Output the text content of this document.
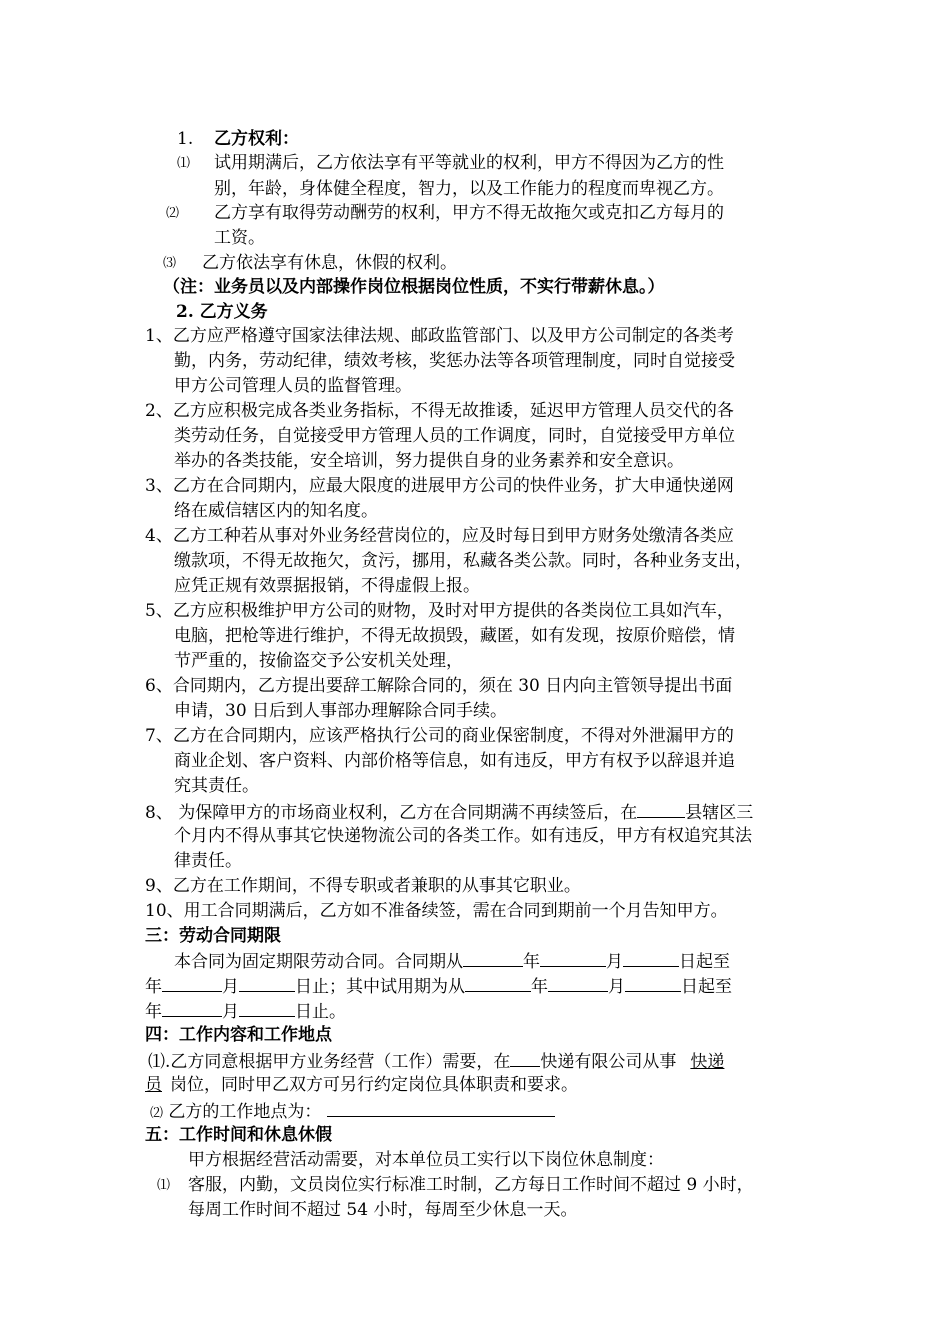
1. 乙方权利：
⑴ 试用期满后，乙方依法享有平等就业的权利，甲方不得因为乙方的性
别，年龄，身体健全程度，智力，以及工作能力的程度而卑视乙方。
⑵ 乙方享有取得劳动酬劳的权利，甲方不得无故拖欠或克扣乙方每月的
工资。
⑶ 乙方依法享有休息，休假的权利。
（注：业务员以及内部操作岗位根据岗位性质，不实行带薪休息。）
2. 乙方义务
1、乙方应严格遵守国家法律法规、邮政监管部门、以及甲方公司制定的各类考
勤，内务，劳动纪律，绩效考核，奖惩办法等各项管理制度，同时自觉接受
甲方公司管理人员的监督管理。
2、乙方应积极完成各类业务指标，不得无故推诿，延迟甲方管理人员交代的各
类劳动任务，自觉接受甲方管理人员的工作调度，同时，自觉接受甲方单位
举办的各类技能，安全培训，努力提供自身的业务素养和安全意识。
3、乙方在合同期内，应最大限度的进展甲方公司的快件业务，扩大申通快递网
络在威信辖区内的知名度。
4、乙方工种若从事对外业务经营岗位的，应及时每日到甲方财务处缴清各类应
缴款项，不得无故拖欠，贪污，挪用，私藏各类公款。同时，各种业务支出，
应凭正规有效票据报销，不得虚假上报。
5、乙方应积极维护甲方公司的财物，及时对甲方提供的各类岗位工具如汽车，
电脑，把枪等进行维护，不得无故损毁，藏匿，如有发现，按原价赔偿，情
节严重的，按偷盗交予公安机关处理，
6、合同期内，乙方提出要辞工解除合同的，须在 30 日内向主管领导提出书面
申请，30 日后到人事部办理解除合同手续。
7、乙方在合同期内，应该严格执行公司的商业保密制度，不得对外泄漏甲方的
商业企划、客户资料、内部价格等信息，如有违反，甲方有权予以辞退并追
究其责任。
8、 为保障甲方的市场商业权利，乙方在合同期满不再续签后，在	县辖区三
个月内不得从事其它快递物流公司的各类工作。如有违反，甲方有权追究其法
律责任。
9、乙方在工作期间，不得专职或者兼职的从事其它职业。
10、用工合同期满后，乙方如不准备续签，需在合同到期前一个月告知甲方。
三：劳动合同期限
本合同为固定期限劳动合同。合同期从	年	月	日起至
年	月	日止；其中试用期为从	年	月	日起至
年	月	日止。
四：工作内容和工作地点
⑴.乙方同意根据甲方业务经营（工作）需要，在 快递有限公司从事 快递
员 岗位，同时甲乙双方可另行约定岗位具体职责和要求。
⑵ 乙方的工作地点为：
五：工作时间和休息休假
甲方根据经营活动需要，对本单位员工实行以下岗位休息制度：
⑴ 客服，内勤，文员岗位实行标准工时制，乙方每日工作时间不超过 9 小时，
每周工作时间不超过 54 小时，每周至少休息一天。
